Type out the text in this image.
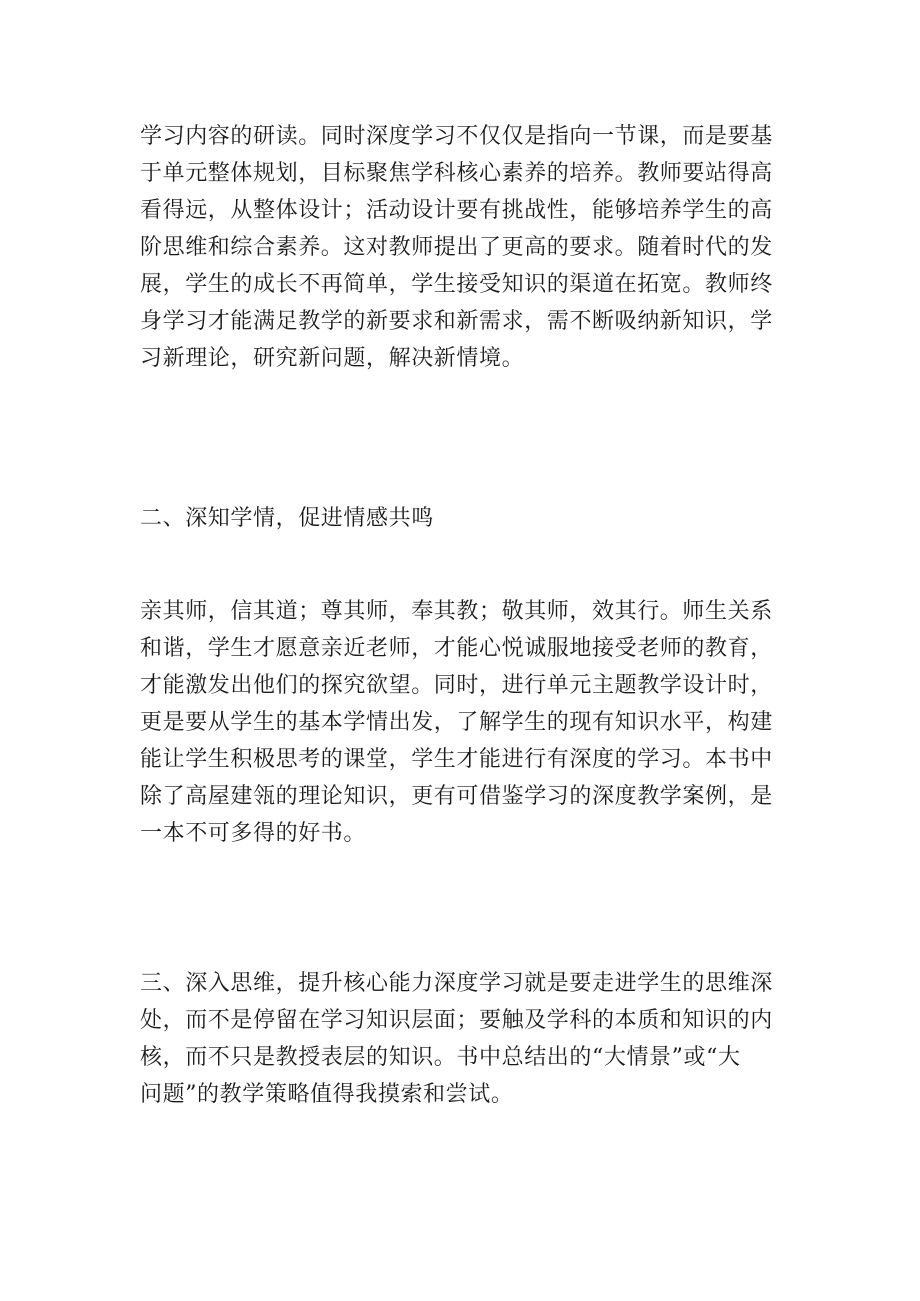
学习内容的研读。同时深度学习不仅仅是指向一节课，而是要基
于单元整体规划，目标聚焦学科核心素养的培养。教师要站得高
看得远，从整体设计；活动设计要有挑战性，能够培养学生的高
阶思维和综合素养。这对教师提出了更高的要求。随着时代的发
展，学生的成长不再简单，学生接受知识的渠道在拓宽。教师终
身学习才能满足教学的新要求和新需求，需不断吸纳新知识，学
习新理论，研究新问题，解决新情境。
二、深知学情，促进情感共鸣
亲其师，信其道；尊其师，奉其教；敬其师，效其行。师生关系
和谐，学生才愿意亲近老师，才能心悦诚服地接受老师的教育，
才能激发出他们的探究欲望。同时，进行单元主题教学设计时，
更是要从学生的基本学情出发，了解学生的现有知识水平，构建
能让学生积极思考的课堂，学生才能进行有深度的学习。本书中
除了高屋建瓴的理论知识，更有可借鉴学习的深度教学案例，是
一本不可多得的好书。
三、深入思维，提升核心能力深度学习就是要走进学生的思维深
处，而不是停留在学习知识层面；要触及学科的本质和知识的内
核，而不只是教授表层的知识。书中总结出的“大情景”或“大
问题”的教学策略值得我摸索和尝试。
